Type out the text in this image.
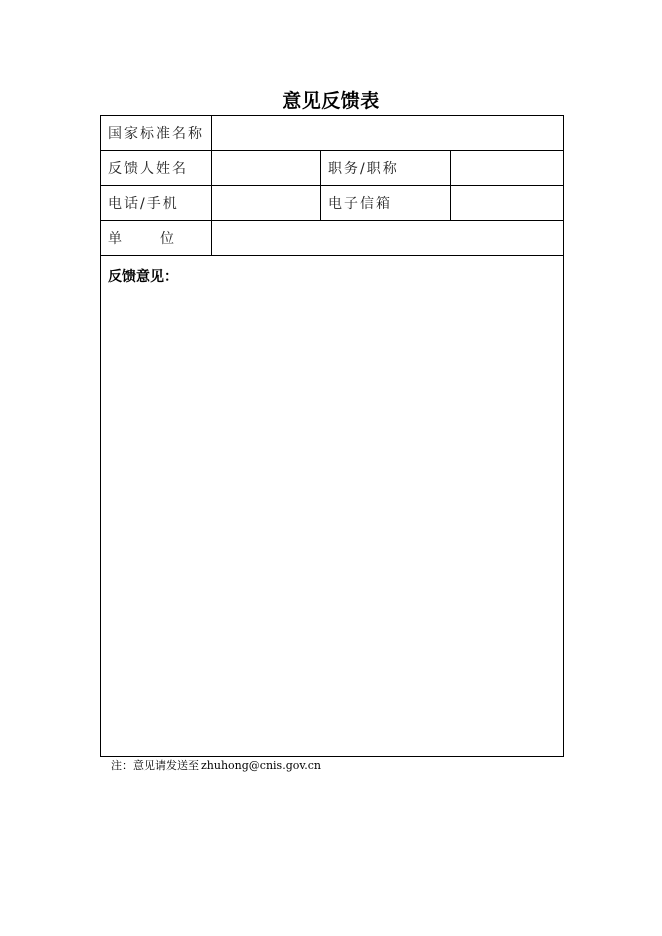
意见反馈表
国家标准名称			
反馈人姓名		职务/职称	
电话/手机		电子信箱	
单 位			

反馈意见：			
注：意见请发送至 zhuhong@cnis.gov.cn
